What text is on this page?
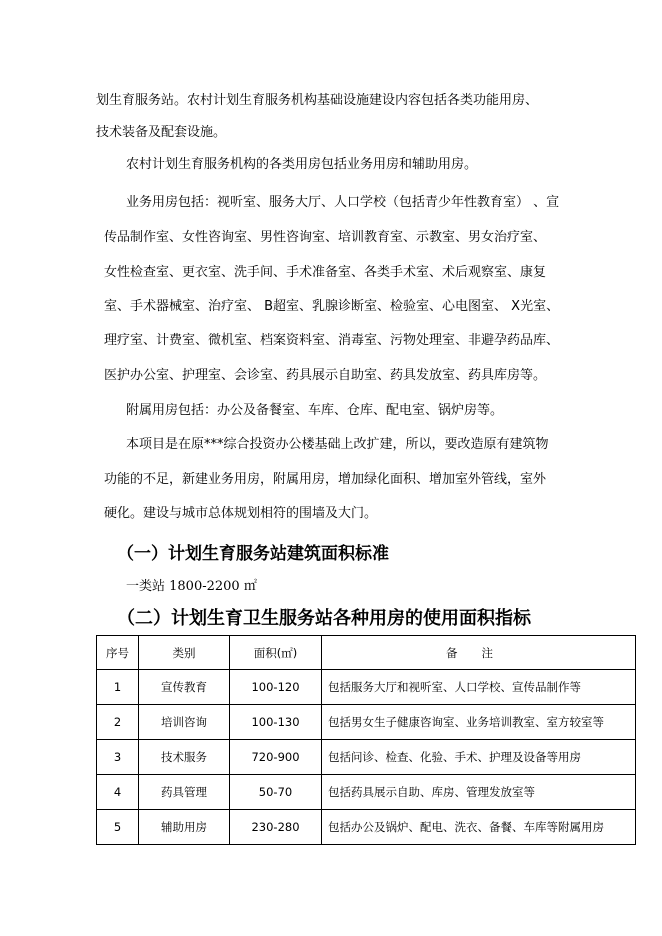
划生育服务站。农村计划生育服务机构基础设施建设内容包括各类功能用房、
技术装备及配套设施。
农村计划生育服务机构的各类用房包括业务用房和辅助用房。
业务用房包括：视听室、服务大厅、人口学校（包括青少年性教育室） 、宣
传品制作室、女性咨询室、男性咨询室、培训教育室、示教室、男女治疗室、
女性检查室、更衣室、洗手间、手术准备室、各类手术室、术后观察室、康复
室、手术器械室、治疗室、 B超室、乳腺诊断室、检验室、心电图室、 X光室、
理疗室、计费室、微机室、档案资料室、消毒室、污物处理室、非避孕药品库、
医护办公室、护理室、会诊室、药具展示自助室、药具发放室、药具库房等。
附属用房包括：办公及备餐室、车库、仓库、配电室、锅炉房等。
本项目是在原***综合投资办公楼基础上改扩建，所以，要改造原有建筑物
功能的不足，新建业务用房，附属用房，增加绿化面积、增加室外管线，室外
硬化。建设与城市总体规划相符的围墙及大门。
（一）计划生育服务站建筑面积标准
一类站 1800-2200 ㎡
（二）计划生育卫生服务站各种用房的使用面积指标
序号	类别	面积(㎡)	备注
1	宣传教育	100-120	包括服务大厅和视听室、人口学校、宣传品制作等
2	培训咨询	100-130	包括男女生子健康咨询室、业务培训教室、室方较室等
3	技术服务	720-900	包括问诊、检查、化验、手术、护理及设备等用房
4	药具管理	50-70	包括药具展示自助、库房、管理发放室等
5	辅助用房	230-280	包括办公及锅炉、配电、洗衣、备餐、车库等附属用房
